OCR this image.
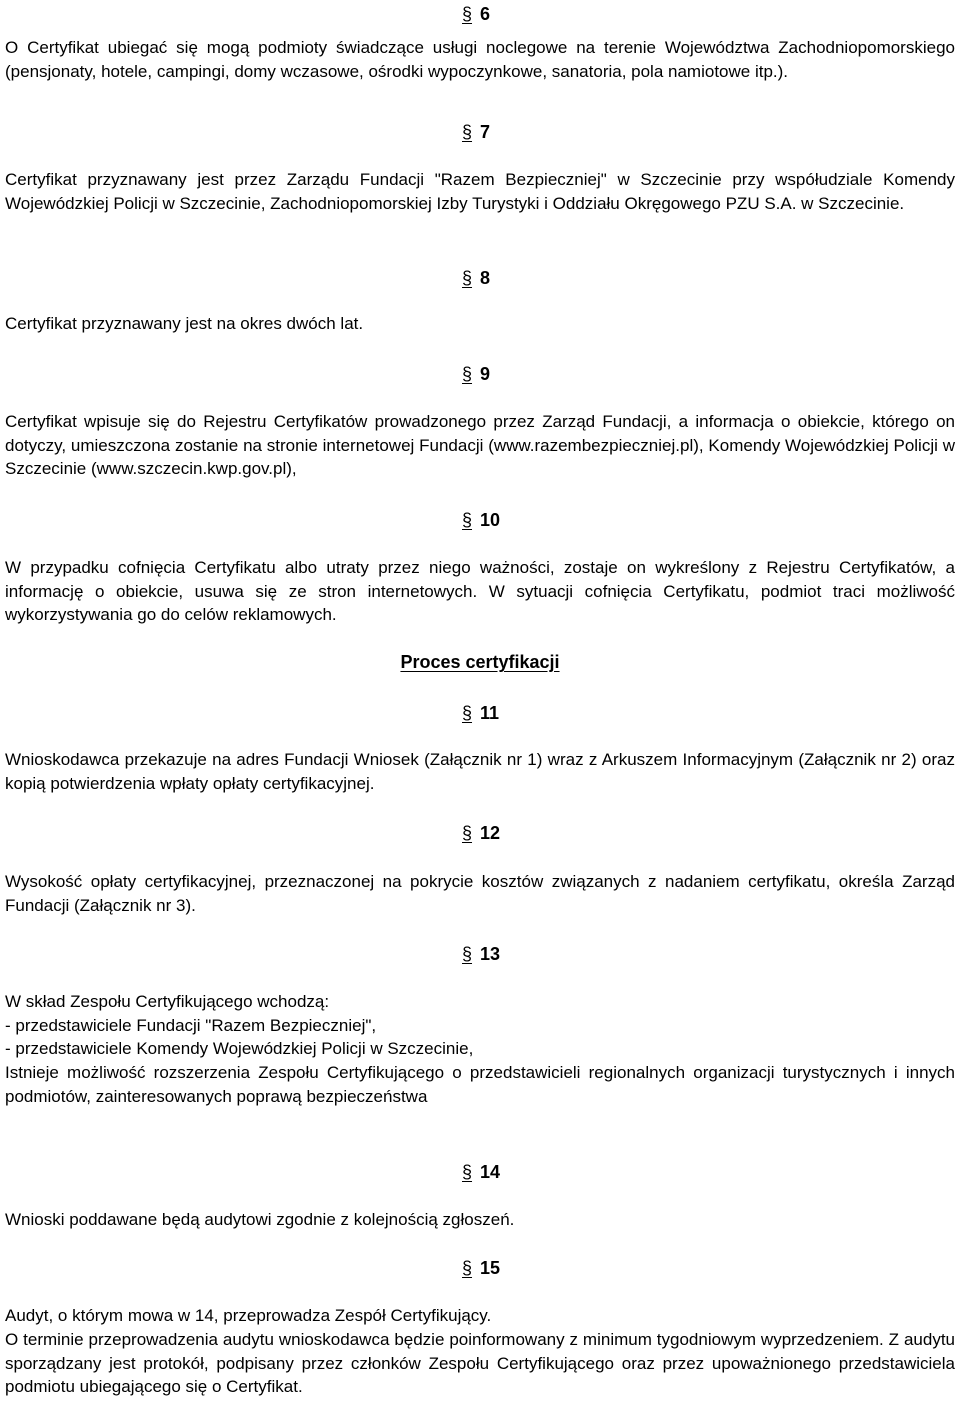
§ 6
O Certyfikat ubiegać się mogą podmioty świadczące usługi noclegowe na terenie Województwa Zachodniopomorskiego (pensjonaty, hotele, campingi, domy wczasowe, ośrodki wypoczynkowe, sanatoria, pola namiotowe itp.).
§ 7
Certyfikat przyznawany jest przez Zarządu Fundacji "Razem Bezpieczniej" w Szczecinie przy współudziale Komendy Wojewódzkiej Policji w Szczecinie, Zachodniopomorskiej Izby Turystyki i Oddziału Okręgowego PZU S.A. w Szczecinie.
§ 8
Certyfikat przyznawany jest na okres dwóch lat.
§ 9
Certyfikat wpisuje się do Rejestru Certyfikatów prowadzonego przez Zarząd Fundacji, a informacja o obiekcie, którego on dotyczy, umieszczona zostanie na stronie internetowej Fundacji (www.razembezpieczniej.pl), Komendy Wojewódzkiej Policji w Szczecinie (www.szczecin.kwp.gov.pl),
§ 10
W przypadku cofnięcia Certyfikatu albo utraty przez niego ważności, zostaje on wykreślony z Rejestru Certyfikatów, a informację o obiekcie, usuwa się ze stron internetowych. W sytuacji cofnięcia Certyfikatu, podmiot traci możliwość wykorzystywania go do celów reklamowych.
Proces certyfikacji
§ 11
Wnioskodawca przekazuje na adres Fundacji Wniosek (Załącznik nr 1) wraz z Arkuszem Informacyjnym (Załącznik nr 2) oraz kopią potwierdzenia wpłaty opłaty certyfikacyjnej.
§ 12
Wysokość opłaty certyfikacyjnej, przeznaczonej na pokrycie kosztów związanych z nadaniem certyfikatu, określa Zarząd Fundacji (Załącznik nr 3).
§ 13
W skład Zespołu Certyfikującego wchodzą:
- przedstawiciele Fundacji "Razem Bezpieczniej",
- przedstawiciele Komendy Wojewódzkiej Policji w Szczecinie,
Istnieje możliwość rozszerzenia Zespołu Certyfikującego o przedstawicieli regionalnych organizacji turystycznych i innych podmiotów, zainteresowanych poprawą bezpieczeństwa
§ 14
Wnioski poddawane będą audytowi zgodnie z kolejnością zgłoszeń.
§ 15
Audyt, o którym mowa w 14, przeprowadza Zespół Certyfikujący.
O terminie przeprowadzenia audytu wnioskodawca będzie poinformowany z minimum tygodniowym wyprzedzeniem. Z audytu sporządzany jest protokół, podpisany przez członków Zespołu Certyfikującego oraz przez upoważnionego przedstawiciela podmiotu ubiegającego się o Certyfikat.
